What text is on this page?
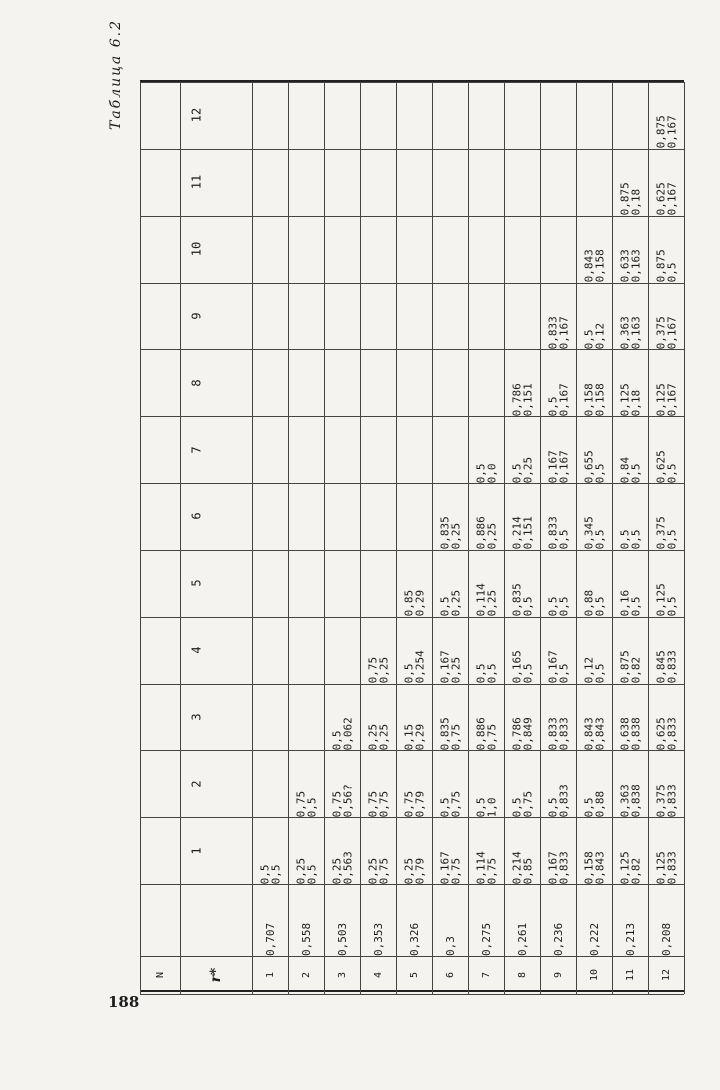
Таблица 6.2
N	r*	1
0,707
2
0,558
3
0,503
4
0,353
5
0,326
6
0,3
7
0,275
8
0,261
9
0,236
10
0,222
11
0,213
12
0,208
1
0,5
0,5 0,25
0,5 0,25
0,563 0,25
0,75 0,25
0,79 0,167
0,75 0,114
0,75 0,214
0,85 0,167
0,833 0,158
0,843 0,125
0,82 0,125
0,833
2
0,75
0,5 0,75
0,56? 0,75
0,75 0,75
0,79 0,5
0,75 0,5
1,0 0,5
0,75 0,5
0,833 0,5
0,88 0,363
0,838 0,375
0,833
3
0,5
0,062 0,25
0,25 0,15
0,29 0,835
0,75 0,886
0,75 0,786
0,849 0,833
0,833 0,843
0,843 0,638
0,838 0,625
0,833
4
0,75
0,25 0,5
0,254 0,167
0,25 0,5
0,5 0,165
0,5 0,167
0,5 0,12
0,5 0,875
0,82 0,845
0,833
5
0,85
0,29 0,5
0,25 0,114
0,25 0,835
0,5 0,5
0,5 0,88
0,5 0,16
0,5 0,125
0,5
6
0,835
0,25 0,886
0,25 0,214
0,151 0,833
0,5 0,345
0,5 0,5
0,5 0,375
0,5
7
0,5
0,0 0,5
0,25 0,167
0,167 0,655
0,5 0,84
0,5 0,625
0,5
8
0,786
0,151 0,5
0,167 0,158
0,158 0,125
0,18 0,125
0,167
9
0,833
0,167 0,5
0,12 0,363
0,163 0,375
0,167
10
0,843
0,158 0,633
0,163 0,875
0,5
11
0,875
0,18 0,625
0,167
12
0,875
0,167
188
